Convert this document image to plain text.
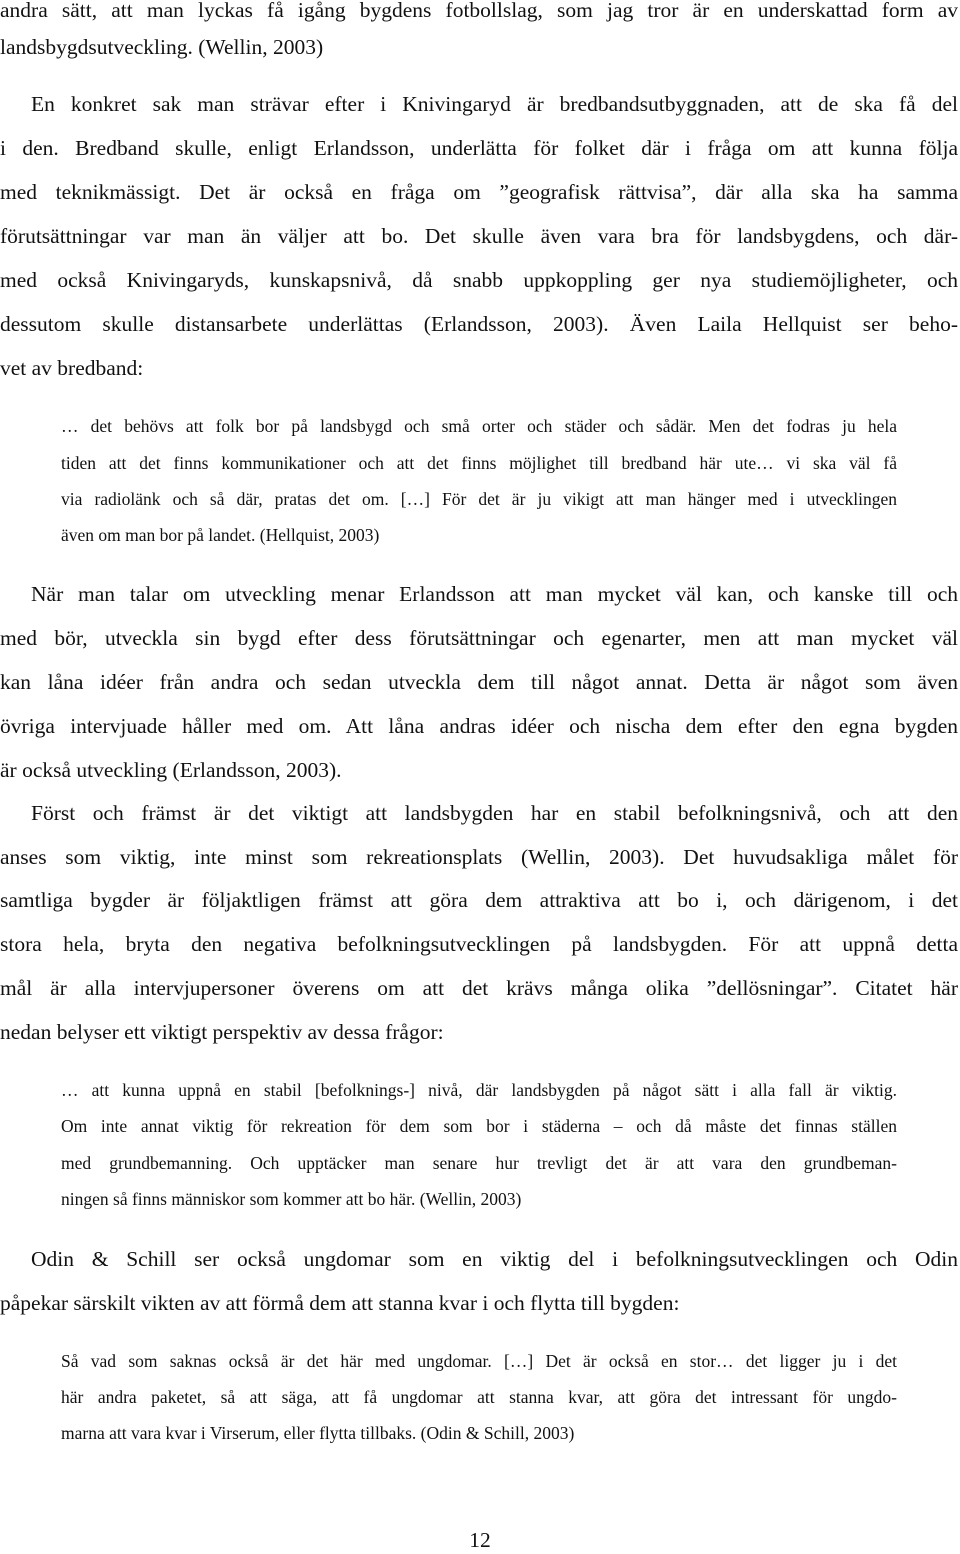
andra sätt, att man lyckas få igång bygdens fotbollslag, som jag tror är en underskattad form av
landsbygdsutveckling. (Wellin, 2003)
En konkret sak man strävar efter i Knivingaryd är bredbandsutbyggnaden, att de ska få del
i den. Bredband skulle, enligt Erlandsson, underlätta för folket där i fråga om att kunna följa
med teknikmässigt. Det är också en fråga om ”geografisk rättvisa”, där alla ska ha samma
förutsättningar var man än väljer att bo. Det skulle även vara bra för landsbygdens, och där-
med också Knivingaryds, kunskapsnivå, då snabb uppkoppling ger nya studiemöjligheter, och
dessutom skulle distansarbete underlättas (Erlandsson, 2003). Även Laila Hellquist ser beho-
vet av bredband:
… det behövs att folk bor på landsbygd och små orter och städer och sådär. Men det fodras ju hela
tiden att det finns kommunikationer och att det finns möjlighet till bredband här ute… vi ska väl få
via radiolänk och så där, pratas det om. […] För det är ju vikigt att man hänger med i utvecklingen
även om man bor på landet. (Hellquist, 2003)
När man talar om utveckling menar Erlandsson att man mycket väl kan, och kanske till och
med bör, utveckla sin bygd efter dess förutsättningar och egenarter, men att man mycket väl
kan låna idéer från andra och sedan utveckla dem till något annat. Detta är något som även
övriga intervjuade håller med om. Att låna andras idéer och nischa dem efter den egna bygden
är också utveckling (Erlandsson, 2003).
Först och främst är det viktigt att landsbygden har en stabil befolkningsnivå, och att den
anses som viktig, inte minst som rekreationsplats (Wellin, 2003). Det huvudsakliga målet för
samtliga bygder är följaktligen främst att göra dem attraktiva att bo i, och därigenom, i det
stora hela, bryta den negativa befolkningsutvecklingen på landsbygden. För att uppnå detta
mål är alla intervjupersoner överens om att det krävs många olika ”dellösningar”. Citatet här
nedan belyser ett viktigt perspektiv av dessa frågor:
… att kunna uppnå en stabil [befolknings-] nivå, där landsbygden på något sätt i alla fall är viktig.
Om inte annat viktig för rekreation för dem som bor i städerna – och då måste det finnas ställen
med grundbemanning. Och upptäcker man senare hur trevligt det är att vara den grundbeman-
ningen så finns människor som kommer att bo här. (Wellin, 2003)
Odin & Schill ser också ungdomar som en viktig del i befolkningsutvecklingen och Odin
påpekar särskilt vikten av att förmå dem att stanna kvar i och flytta till bygden:
Så vad som saknas också är det här med ungdomar. […] Det är också en stor… det ligger ju i det
här andra paketet, så att säga, att få ungdomar att stanna kvar, att göra det intressant för ungdo-
marna att vara kvar i Virserum, eller flytta tillbaks. (Odin & Schill, 2003)
12
